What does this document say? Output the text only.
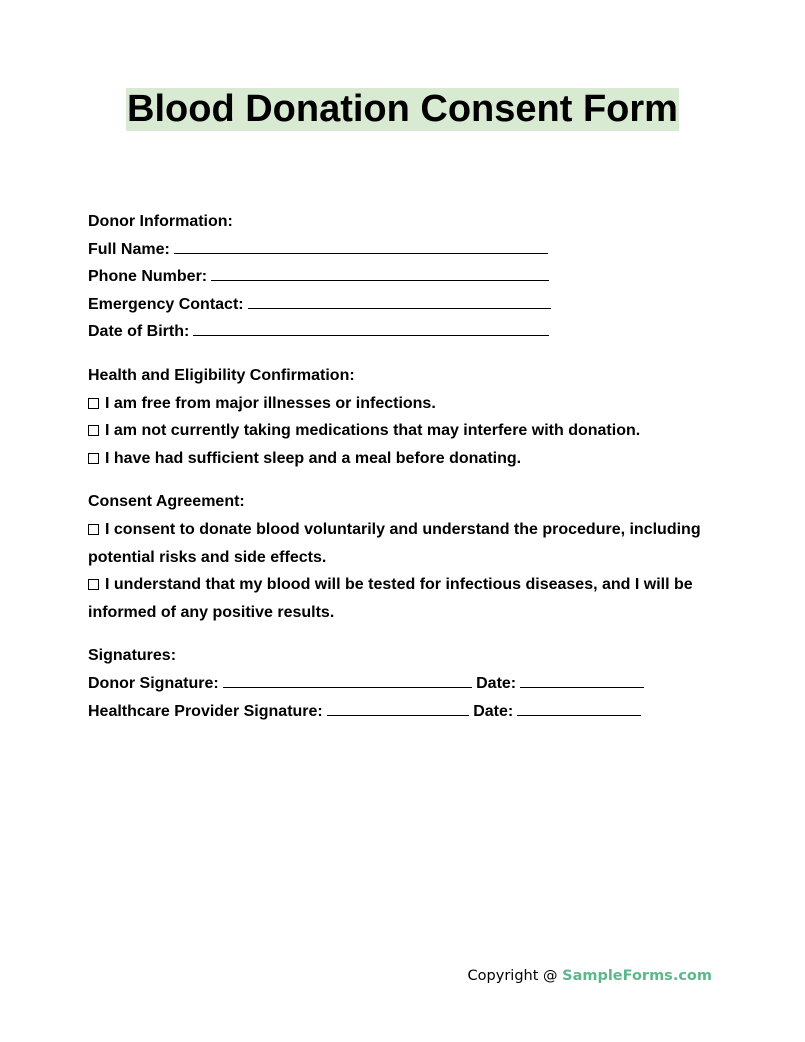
Blood Donation Consent Form
Donor Information:
Full Name:
Phone Number:
Emergency Contact:
Date of Birth:
Health and Eligibility Confirmation:
I am free from major illnesses or infections.
I am not currently taking medications that may interfere with donation.
I have had sufficient sleep and a meal before donating.
Consent Agreement:
I consent to donate blood voluntarily and understand the procedure, including potential risks and side effects.
I understand that my blood will be tested for infectious diseases, and I will be informed of any positive results.
Signatures:
Donor Signature:	Date:
Healthcare Provider Signature:	Date:
Copyright @ SampleForms.com
